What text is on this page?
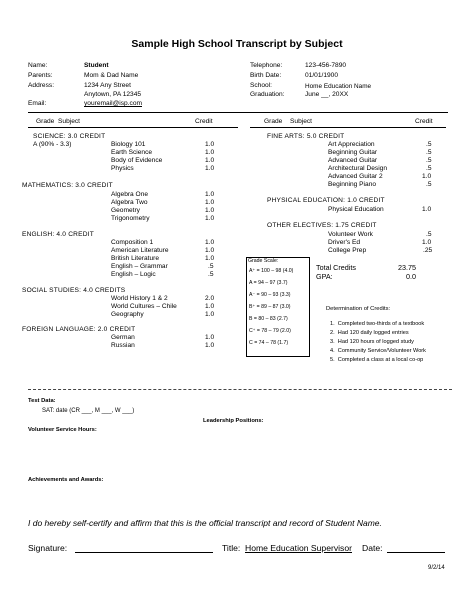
Sample High School Transcript by Subject
Name:	Student
Parents:	Mom & Dad Name
Address:	1234 Any Street
Anytown, PA 12345
Email:	youremail@isp.com
Telephone:	123-456-7890
Birth Date:	01/01/1900
School:	Home Education Name
Graduation:	June __, 20XX
Grade Subject	Credit	Grade Subject	Credit
SCIENCE: 3.0 CREDIT
A (90% - 3.3)	Biology 101	1.0
Earth Science	1.0
Body of Evidence	1.0
Physics	1.0
MATHEMATICS: 3.0 CREDIT
Algebra One	1.0
Algebra Two	1.0
Geometry	1.0
Trigonometry	1.0
ENGLISH: 4.0 CREDIT
Composition 1	1.0
American Literature	1.0
British Literature	1.0
English – Grammar	.5
English – Logic	.5
SOCIAL STUDIES: 4.0 CREDITS
World History 1 & 2	2.0
World Cultures – Chile	1.0
Geography	1.0
FOREIGN LANGUAGE: 2.0 CREDIT
German	1.0
Russian	1.0
FINE ARTS: 5.0 CREDIT
Art Appreciation	.5
Beginning Guitar	.5
Advanced Guitar	.5
Architectural Design	.5
Advanced Guitar 2	1.0
Beginning Piano	.5
PHYSICAL EDUCATION: 1.0 CREDIT
Physical Education	1.0
OTHER ELECTIVES: 1.75 CREDIT
Volunteer Work	.5
Driver's Ed	1.0
College Prep	.25
Grade Scale:
A⁺ = 100 – 98 (4.0)
A = 94 – 97 (3.7)
A⁻ = 90 – 93 (3.3)
B⁺ = 89 – 87 (3.0)
B = 80 – 83 (2.7)
C⁺ = 78 – 79 (2.0)
C = 74 – 78 (1.7)
Total Credits	23.75
GPA:	0.0
Determination of Credits:
1.  Completed two-thirds of a textbook
2.  Had 120 daily logged entries
3.  Had 120 hours of logged study
4.  Community Service/Volunteer Work
5.  Completed a class at a local co-op
Test Data:
SAT: date (CR ___, M ___, W ___)
Leadership Positions:
Volunteer Service Hours:
Achievements and Awards:
I do hereby self-certify and affirm that this is the official transcript and record of Student Name.
Signature:	Title: Home Education Supervisor Date:
9/2/14
